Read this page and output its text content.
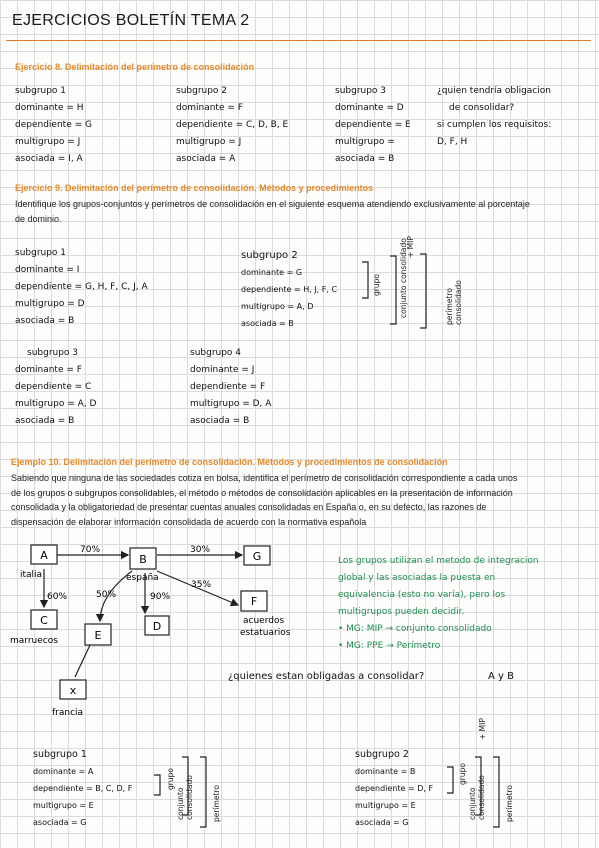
EJERCICIOS BOLETÍN TEMA 2
Ejercicio 8. Delimitación del perímetro de consolidación
subgrupo 1
dominante = H
dependiente = G
multigrupo = J
asociada = I, A
subgrupo 2
dominante = F
dependiente = C, D, B, E
multigrupo = J
asociada = A
subgrupo 3
dominante = D
dependiente = E
multigrupo =
asociada = B
¿quien tendría obligacion
de consolidar?
si cumplen los requisitos:
D, F, H
Ejercicio 9. Delimitación del perímetro de consolidación. Métodos y procedimientos
Identifique los grupos-conjuntos y perímetros de consolidación en el siguiente esquema atendiendo exclusivamente al porcentaje
de dominio.
subgrupo 1
dominante = I
dependiente = G, H, F, C, J, A
multigrupo = D
asociada = B
subgrupo 2
dominante = G
dependiente = H, J, F, C
multigrupo = A, D
asociada = B
grupo conjunto consolidado
+ MIP
perímetro consolidado
subgrupo 3
dominante = F
dependiente = C
multigrupo = A, D
asociada = B
subgrupo 4
dominante = J
dependiente = F
multigrupo = D, A
asociada = B
Ejemplo 10. Delimitación del perímetro de consolidación. Métodos y procedimientos de consolidación
Sabiendo que ninguna de las sociedades cotiza en bolsa, identifica el perímetro de consolidación correspondiente a cada unos
de los grupos o subgrupos consolidables, el método o métodos de consolidación aplicables en la presentación de información
consolidada y la obligatoriedad de presentar cuentas anuales consolidadas en España o, en su defecto, las razones de
dispensación de elaborar información consolidada de acuerdo con la normativa española
70%	30%
35%
90%
50%
60%
A	B	G
C
E
D
F
x
italia	españa
marruecos
francia
acuerdos
estatuarios
Los grupos utilizan el metodo de integracion
global y las asociadas la puesta en
equivalencia (esto no varía), pero los
multigrupos pueden decidir.
• MG: MIP → conjunto consolidado
• MG: PPE → Perímetro
¿quienes estan obligadas a consolidar?	A y B
subgrupo 1
dominante = A
dependiente = B, C, D, F
multigrupo = E
asociada = G
grupo
conjunto consolidado perímetro
subgrupo 2
dominante = B
dependiente = D, F
multigrupo = E
asociada = G
grupo
conjunto consolidado
+ MIP
perímetro
